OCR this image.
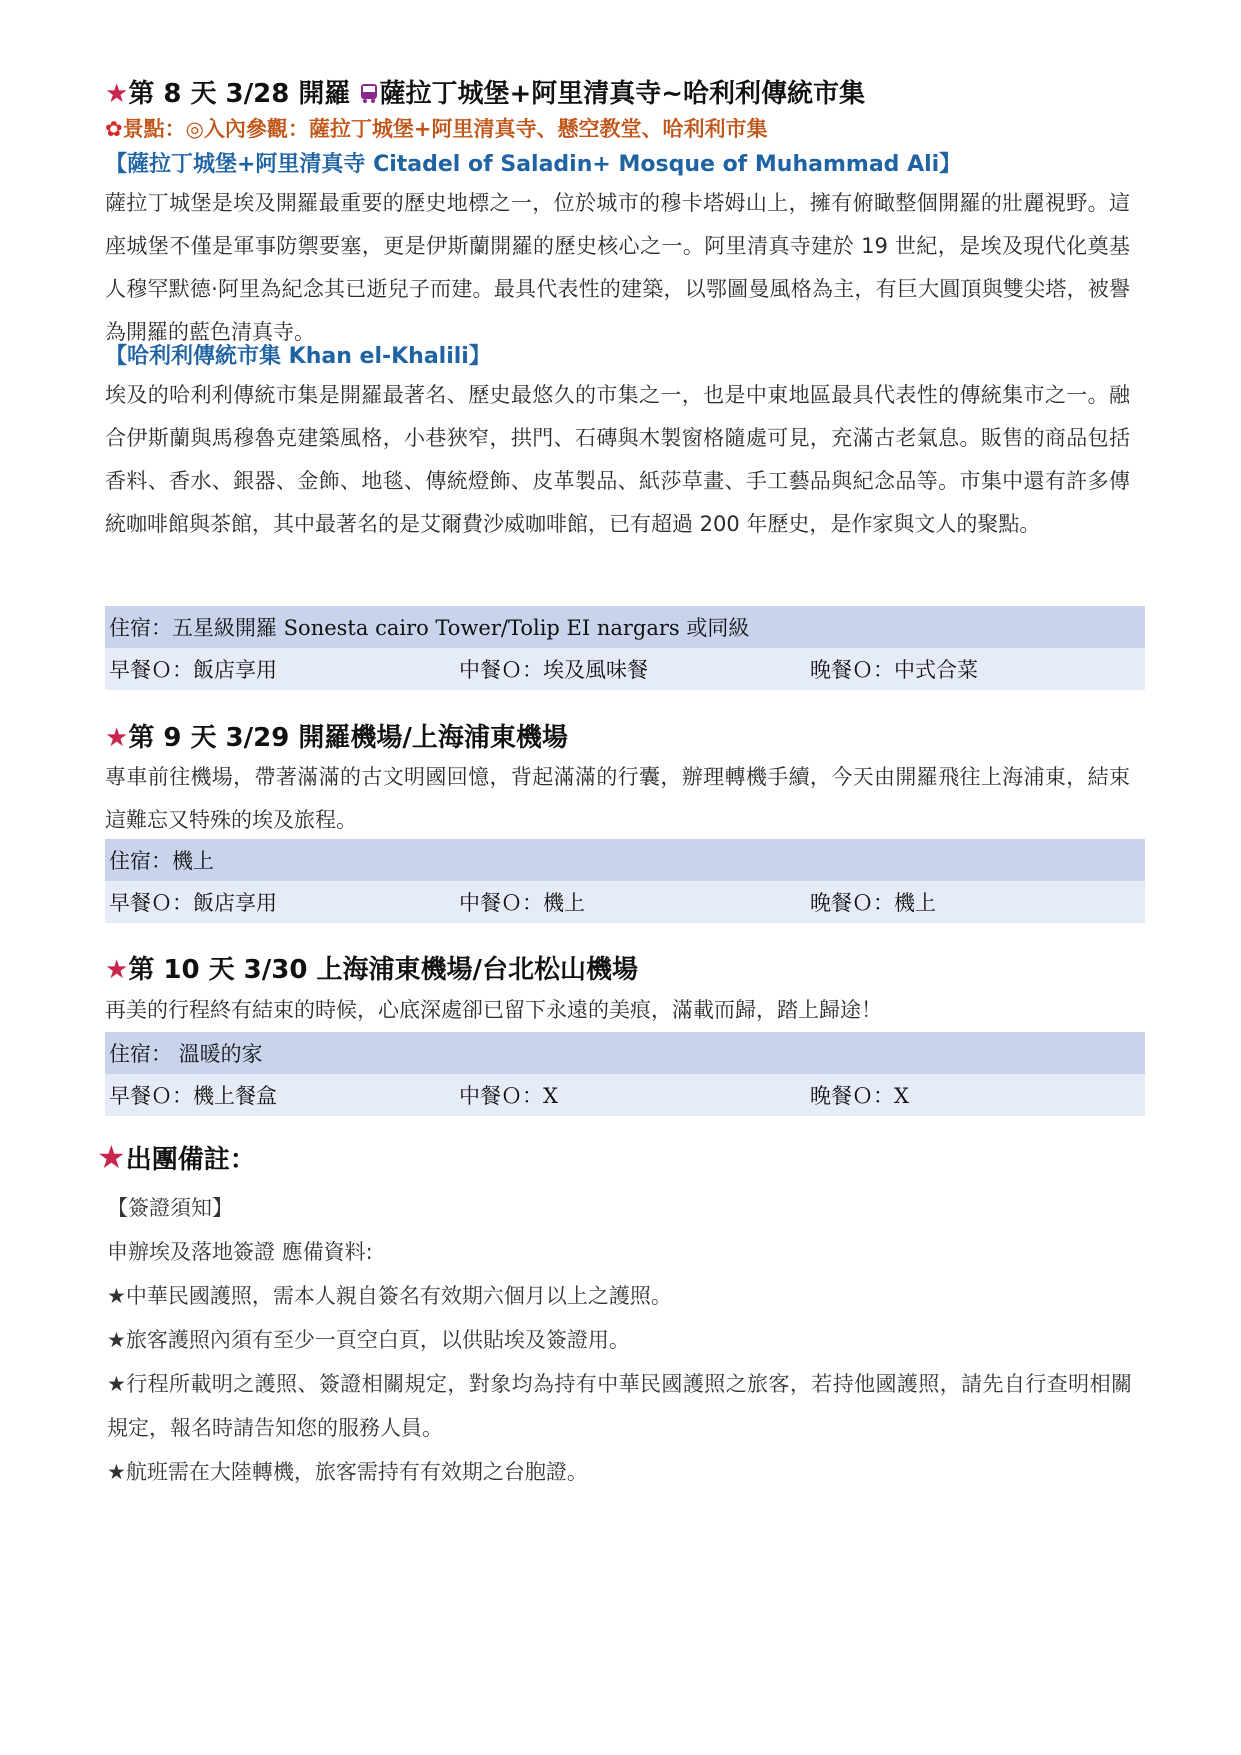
★第 8 天 3/28 開羅 薩拉丁城堡+阿里清真寺~哈利利傳統市集
✿景點：◎入內參觀：薩拉丁城堡+阿里清真寺、懸空教堂、哈利利市集
【薩拉丁城堡+阿里清真寺 Citadel of Saladin+ Mosque of Muhammad Ali】

薩拉丁城堡是埃及開羅最重要的歷史地標之一，位於城市的穆卡塔姆山上，擁有俯瞰整個開羅的壯麗視野。這座城堡不僅是軍事防禦要塞，更是伊斯蘭開羅的歷史核心之一。阿里清真寺建於 19 世紀，是埃及現代化奠基人穆罕默德·阿里為紀念其已逝兒子而建。最具代表性的建築，以鄂圖曼風格為主，有巨大圓頂與雙尖塔，被譽為開羅的藍色清真寺。

【哈利利傳統市集 Khan el-Khalili】

埃及的哈利利傳統市集是開羅最著名、歷史最悠久的市集之一，也是中東地區最具代表性的傳統集市之一。融合伊斯蘭與馬穆魯克建築風格，小巷狹窄，拱門、石磚與木製窗格隨處可見，充滿古老氣息。販售的商品包括香料、香水、銀器、金飾、地毯、傳統燈飾、皮革製品、紙莎草畫、手工藝品與紀念品等。市集中還有許多傳統咖啡館與茶館，其中最著名的是艾爾費沙威咖啡館，已有超過 200 年歷史，是作家與文人的聚點。

住宿：五星級開羅 Sonesta cairo Tower/Tolip EI nargars 或同級
早餐Ｏ：飯店享用	中餐Ｏ：埃及風味餐	晚餐Ｏ：中式合菜
★第 9 天 3/29 開羅機場/上海浦東機場

專車前往機場，帶著滿滿的古文明國回憶，背起滿滿的行囊，辦理轉機手續，今天由開羅飛往上海浦東，結束這難忘又特殊的埃及旅程。

住宿：機上
早餐Ｏ：飯店享用	中餐Ｏ：機上	晚餐Ｏ：機上
★第 10 天 3/30 上海浦東機場/台北松山機場

再美的行程終有結束的時候，心底深處卻已留下永遠的美痕，滿載而歸，踏上歸途！

住宿： 溫暖的家
早餐Ｏ：機上餐盒	中餐Ｏ：X	晚餐Ｏ：X
★出團備註：

【簽證須知】

申辦埃及落地簽證 應備資料:

★中華民國護照，需本人親自簽名有效期六個月以上之護照。

★旅客護照內須有至少一頁空白頁，以供貼埃及簽證用。

★行程所載明之護照、簽證相關規定，對象均為持有中華民國護照之旅客，若持他國護照，請先自行查明相關規定，報名時請告知您的服務人員。

★航班需在大陸轉機，旅客需持有有效期之台胞證。
